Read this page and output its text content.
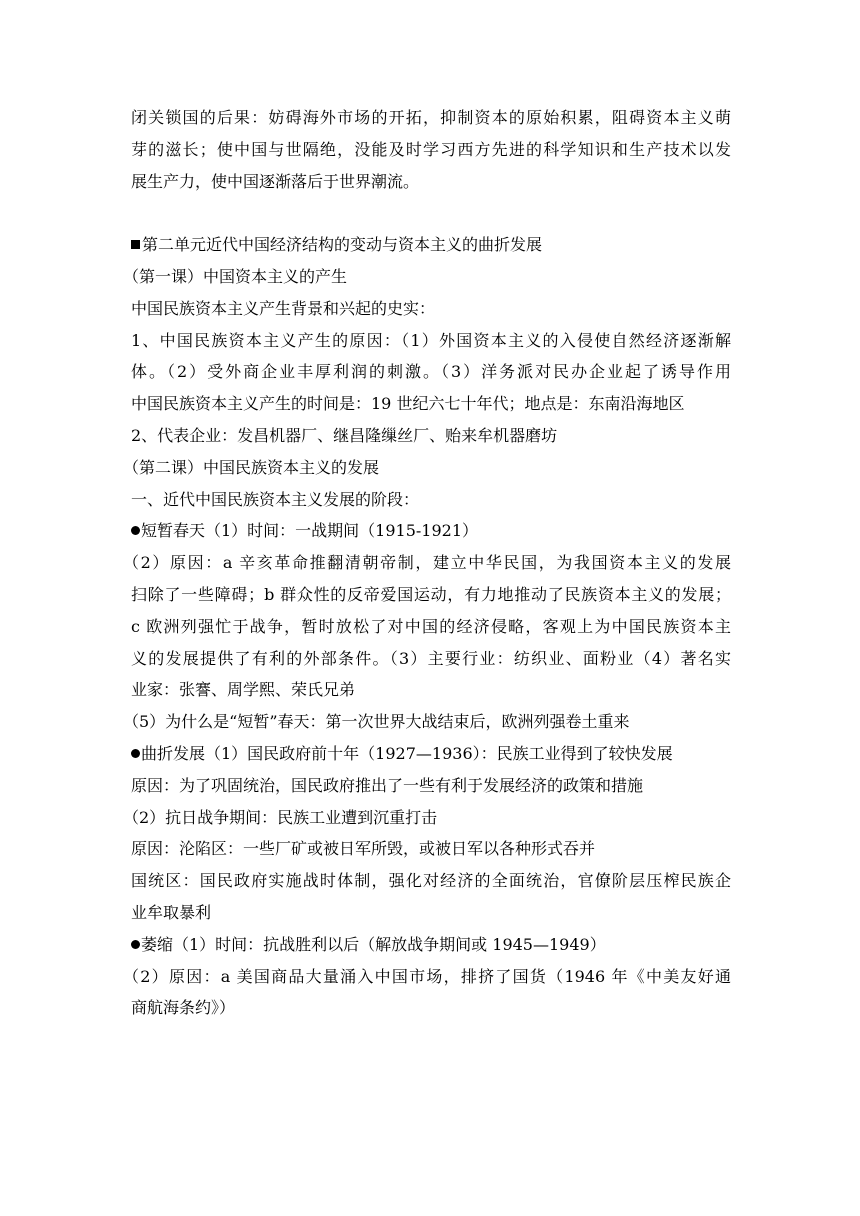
闭关锁国的后果：妨碍海外市场的开拓，抑制资本的原始积累，阻碍资本主义萌
芽的滋长；使中国与世隔绝，没能及时学习西方先进的科学知识和生产技术以发
展生产力，使中国逐渐落后于世界潮流。
第二单元近代中国经济结构的变动与资本主义的曲折发展
（第一课）中国资本主义的产生
中国民族资本主义产生背景和兴起的史实：
1、中国民族资本主义产生的原因：（1）外国资本主义的入侵使自然经济逐渐解
体。（2）受外商企业丰厚利润的刺激。（3）洋务派对民办企业起了诱导作用
中国民族资本主义产生的时间是：19 世纪六七十年代；地点是：东南沿海地区
2、代表企业：发昌机器厂、继昌隆缫丝厂、贻来牟机器磨坊
（第二课）中国民族资本主义的发展
一、近代中国民族资本主义发展的阶段：
短暂春天（1）时间：一战期间（1915-1921）
（2）原因：a 辛亥革命推翻清朝帝制，建立中华民国，为我国资本主义的发展
扫除了一些障碍；b 群众性的反帝爱国运动，有力地推动了民族资本主义的发展；
c 欧洲列强忙于战争，暂时放松了对中国的经济侵略，客观上为中国民族资本主
义的发展提供了有利的外部条件。（3）主要行业：纺织业、面粉业（4）著名实
业家：张謇、周学熙、荣氏兄弟
（5）为什么是“短暂”春天：第一次世界大战结束后，欧洲列强卷土重来
曲折发展（1）国民政府前十年（1927—1936）：民族工业得到了较快发展
原因：为了巩固统治，国民政府推出了一些有利于发展经济的政策和措施
（2）抗日战争期间：民族工业遭到沉重打击
原因：沦陷区：一些厂矿或被日军所毁，或被日军以各种形式吞并
国统区：国民政府实施战时体制，强化对经济的全面统治，官僚阶层压榨民族企
业牟取暴利
萎缩（1）时间：抗战胜利以后（解放战争期间或 1945—1949）
（2）原因：a 美国商品大量涌入中国市场，排挤了国货（1946 年《中美友好通
商航海条约》）
